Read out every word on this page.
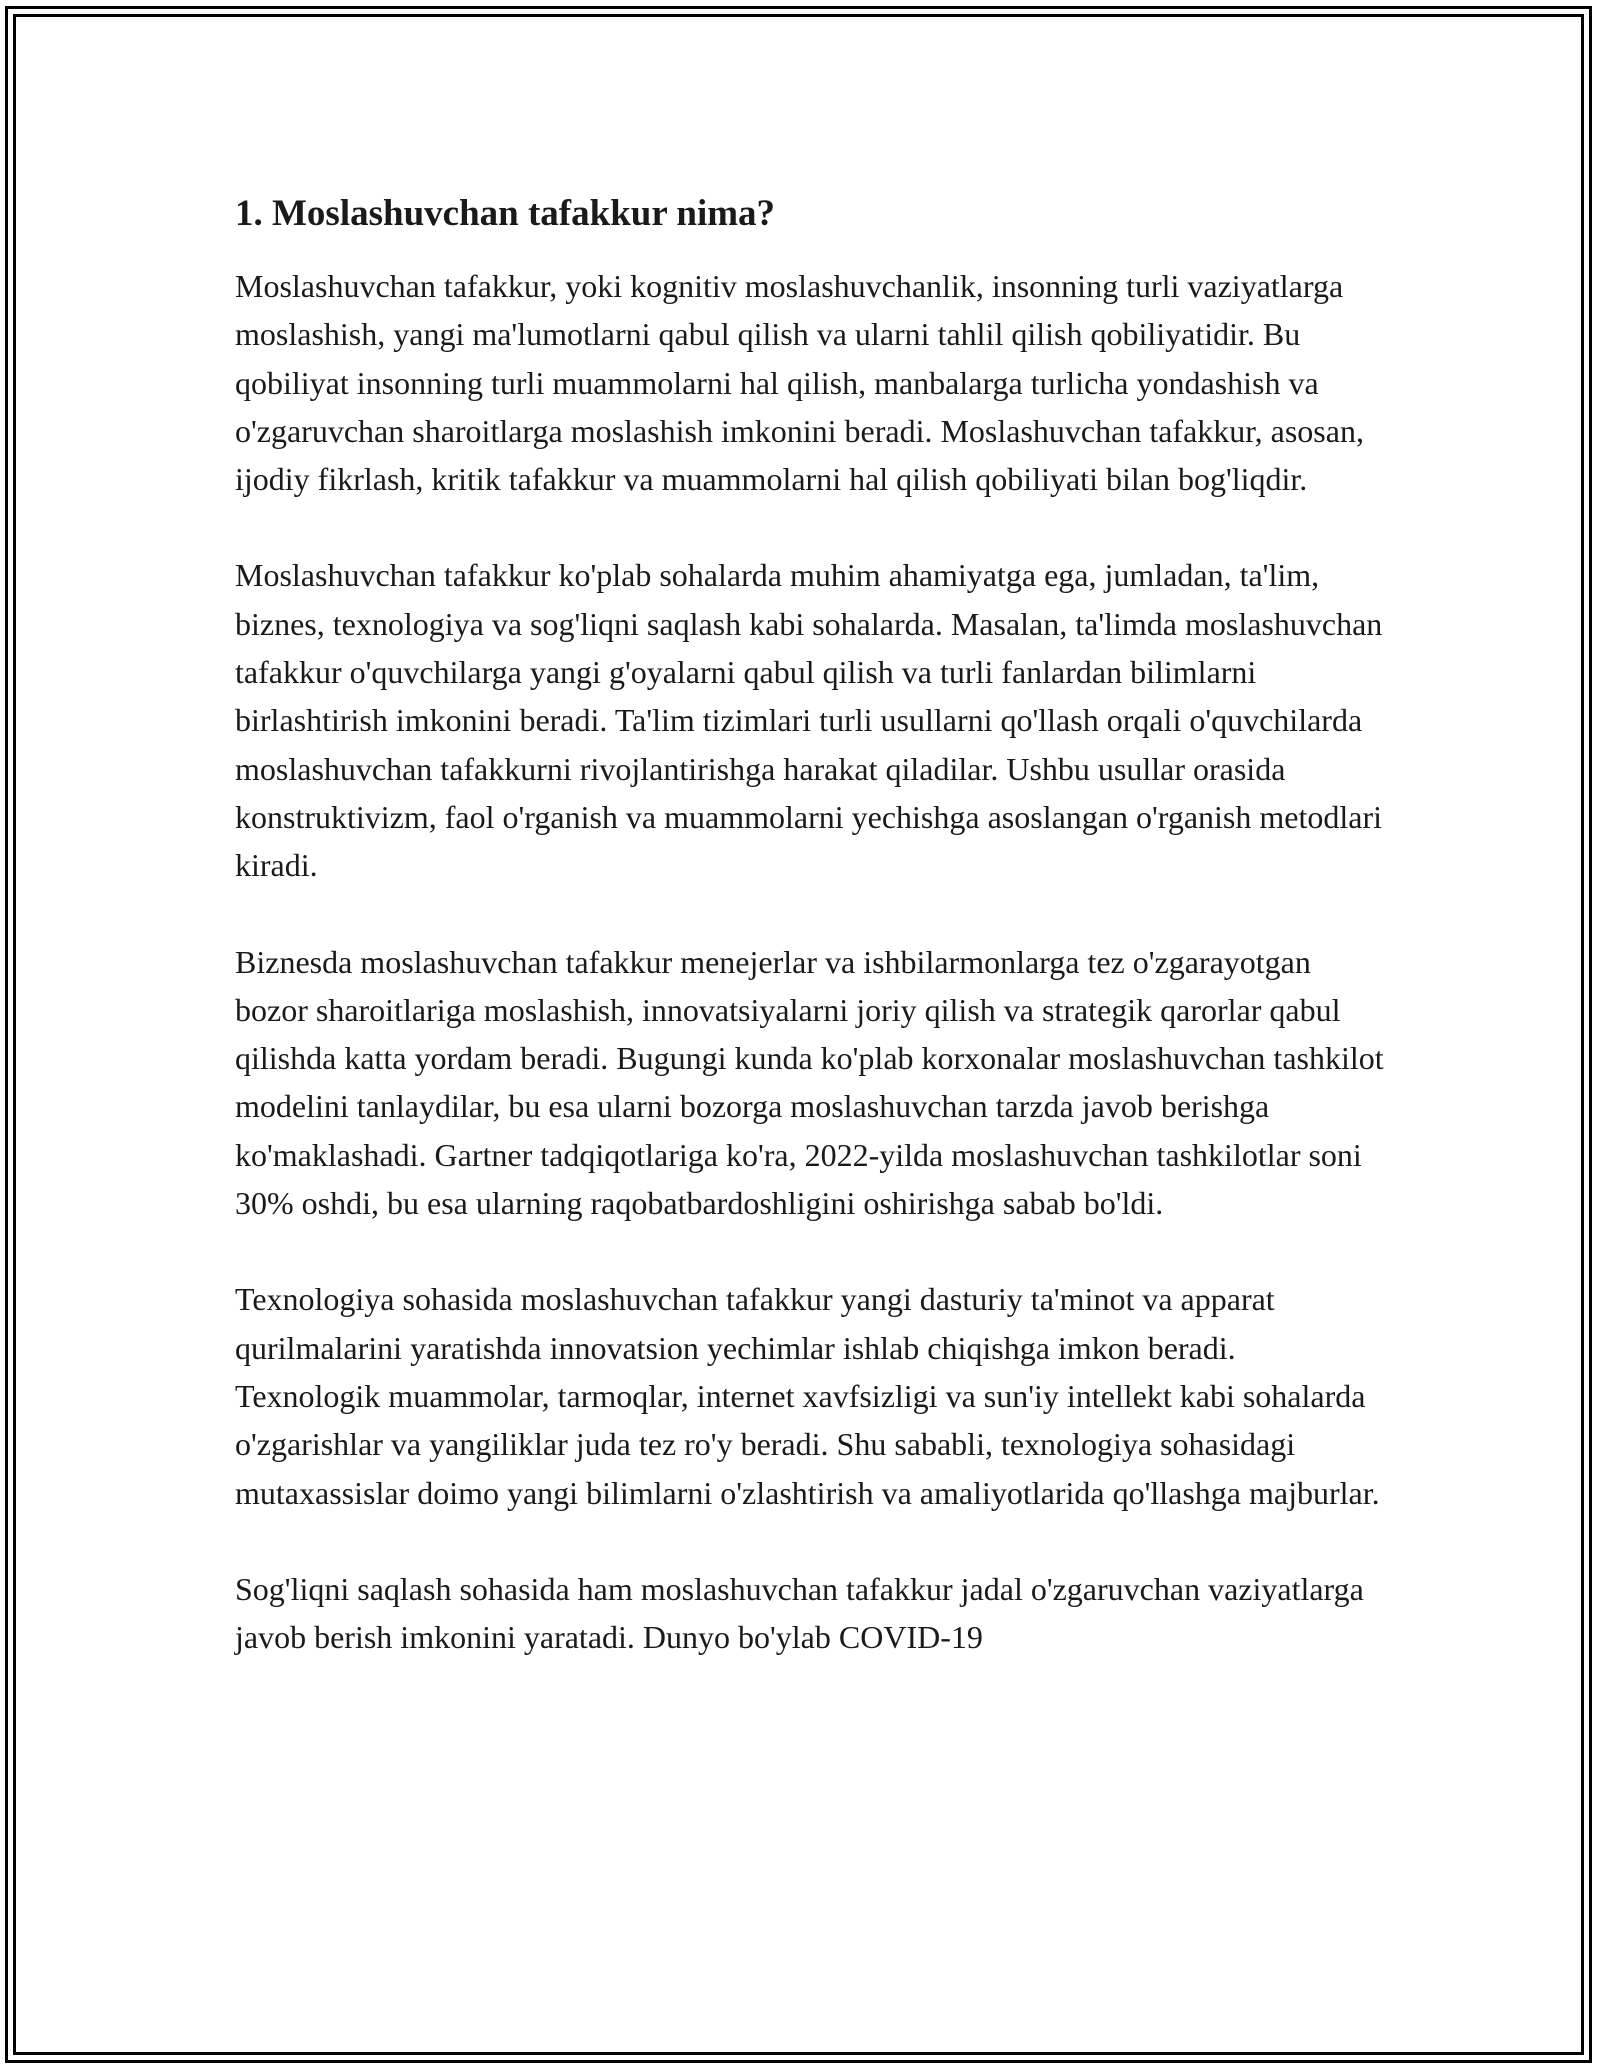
1. Moslashuvchan tafakkur nima?

Moslashuvchan tafakkur, yoki kognitiv moslashuvchanlik, insonning turli vaziyatlarga moslashish, yangi ma'lumotlarni qabul qilish va ularni tahlil qilish qobiliyatidir. Bu qobiliyat insonning turli muammolarni hal qilish, manbalarga turlicha yondashish va o'zgaruvchan sharoitlarga moslashish imkonini beradi. Moslashuvchan tafakkur, asosan, ijodiy fikrlash, kritik tafakkur va muammolarni hal qilish qobiliyati bilan bog'liqdir.

Moslashuvchan tafakkur ko'plab sohalarda muhim ahamiyatga ega, jumladan, ta'lim, biznes, texnologiya va sog'liqni saqlash kabi sohalarda. Masalan, ta'limda moslashuvchan tafakkur o'quvchilarga yangi g'oyalarni qabul qilish va turli fanlardan bilimlarni birlashtirish imkonini beradi. Ta'lim tizimlari turli usullarni qo'llash orqali o'quvchilarda moslashuvchan tafakkurni rivojlantirishga harakat qiladilar. Ushbu usullar orasida konstruktivizm, faol o'rganish va muammolarni yechishga asoslangan o'rganish metodlari kiradi.

Biznesda moslashuvchan tafakkur menejerlar va ishbilarmonlarga tez o'zgarayotgan bozor sharoitlariga moslashish, innovatsiyalarni joriy qilish va strategik qarorlar qabul qilishda katta yordam beradi. Bugungi kunda ko'plab korxonalar moslashuvchan tashkilot modelini tanlaydilar, bu esa ularni bozorga moslashuvchan tarzda javob berishga ko'maklashadi. Gartner tadqiqotlariga ko'ra, 2022-yilda moslashuvchan tashkilotlar soni 30% oshdi, bu esa ularning raqobatbardoshligini oshirishga sabab bo'ldi.

Texnologiya sohasida moslashuvchan tafakkur yangi dasturiy ta'minot va apparat qurilmalarini yaratishda innovatsion yechimlar ishlab chiqishga imkon beradi. Texnologik muammolar, tarmoqlar, internet xavfsizligi va sun'iy intellekt kabi sohalarda o'zgarishlar va yangiliklar juda tez ro'y beradi. Shu sababli, texnologiya sohasidagi mutaxassislar doimo yangi bilimlarni o'zlashtirish va amaliyotlarida qo'llashga majburlar.

Sog'liqni saqlash sohasida ham moslashuvchan tafakkur jadal o'zgaruvchan vaziyatlarga javob berish imkonini yaratadi. Dunyo bo'ylab COVID-19
